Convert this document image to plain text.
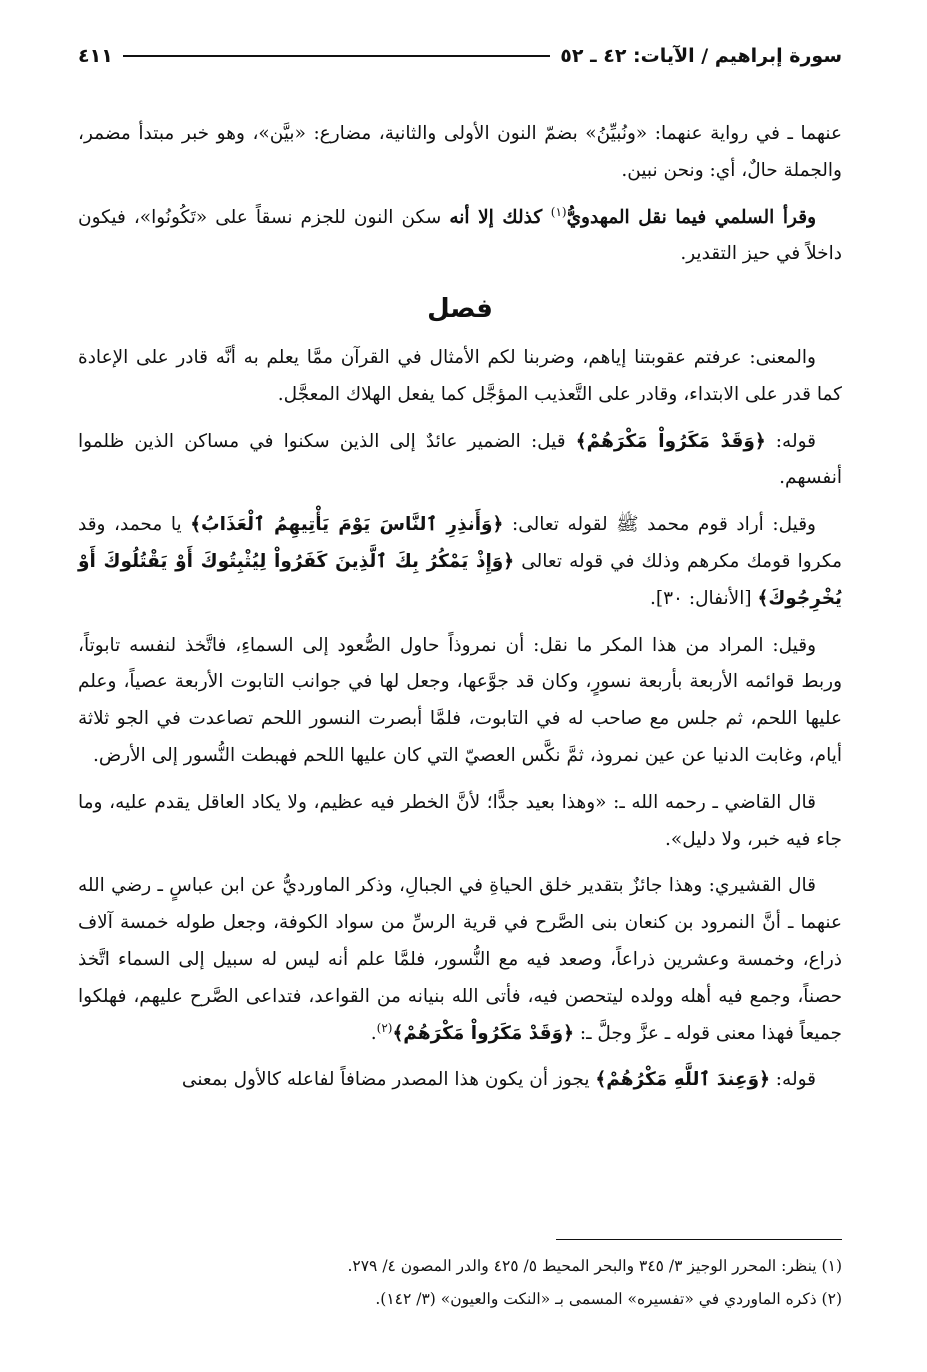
سورة إبراهيم / الآيات: ٤٢ ـ ٥٢
٤١١

عنهما ـ في رواية عنهما: «ونُبيِّنُ» بضمّ النون الأولى والثانية، مضارع: «بيَّن»، وهو خبر مبتدأ مضمر، والجملة حالٌ، أي: ونحن نبين.

وقرأ السلمي فيما نقل المهدويُّ$^{(١)}$ كذلك إلا أنه سكن النون للجزم نسقاً على «تَكُونُوا»، فيكون داخلاً في حيز التقدير.

فصل

والمعنى: عرفتم عقوبتنا إياهم، وضربنا لكم الأمثال في القرآن ممَّا يعلم به أنَّه قادر على الإعادة كما قدر على الابتداء، وقادر على التَّعذيب المؤجَّل كما يفعل الهلاك المعجَّل.

قوله: ﴿وَقَدْ مَكَرُواْ مَكْرَهُمْ﴾ قيل: الضمير عائدٌ إلى الذين سكنوا في مساكن الذين ظلموا أنفسهم.

وقيل: أراد قوم محمد ﷺ لقوله تعالى: ﴿وَأَنذِرِ ٱلنَّاسَ يَوْمَ يَأْتِيهِمُ ٱلْعَذَابُ﴾ يا محمد، وقد مكروا قومك مكرهم وذلك في قوله تعالى ﴿وَإِذْ يَمْكُرُ بِكَ ٱلَّذِينَ كَفَرُواْ لِيُثْبِتُوكَ أَوْ يَقْتُلُوكَ أَوْ يُخْرِجُوكَ﴾ [الأنفال: ٣٠].

وقيل: المراد من هذا المكر ما نقل: أن نمروذاً حاول الصُّعود إلى السماءِ، فاتَّخذ لنفسه تابوتاً، وربط قوائمه الأربعة بأربعة نسورٍ، وكان قد جوَّعها، وجعل لها في جوانب التابوت الأربعة عصياً، وعلم عليها اللحم، ثم جلس مع صاحب له في التابوت، فلمَّا أبصرت النسور اللحم تصاعدت في الجو ثلاثة أيام، وغابت الدنيا عن عين نمروذ، ثمَّ نكَّس العصيّ التي كان عليها اللحم فهبطت النُّسور إلى الأرض.

قال القاضي ـ رحمه الله ـ: «وهذا بعيد جدًّا؛ لأنَّ الخطر فيه عظيم، ولا يكاد العاقل يقدم عليه، وما جاء فيه خبر، ولا دليل».

قال القشيري: وهذا جائزٌ بتقدير خلق الحياةِ في الجبالِ، وذكر الماورديُّ عن ابن عباسٍ ـ رضي الله عنهما ـ أنَّ النمرود بن كنعان بنى الصَّرح في قرية الرسِّ من سواد الكوفة، وجعل طوله خمسة آلاف ذراع، وخمسة وعشرين ذراعاً، وصعد فيه مع النُّسور، فلمَّا علم أنه ليس له سبيل إلى السماء اتَّخذ حصناً، وجمع فيه أهله وولده ليتحصن فيه، فأتى الله بنيانه من القواعد، فتداعى الصَّرح عليهم، فهلكوا جميعاً فهذا معنى قوله ـ عزَّ وجلَّ ـ: ﴿وَقَدْ مَكَرُواْ مَكْرَهُمْ﴾$^{(٢)}$.

قوله: ﴿وَعِندَ ٱللَّهِ مَكْرُهُمْ﴾ يجوز أن يكون هذا المصدر مضافاً لفاعله كالأول بمعنى

(١) ينظر: المحرر الوجيز ٣/ ٣٤٥ والبحر المحيط ٥/ ٤٢٥ والدر المصون ٤/ ٢٧٩.

(٢) ذكره الماوردي في «تفسيره» المسمى بـ «النكت والعيون» (٣/ ١٤٢).
